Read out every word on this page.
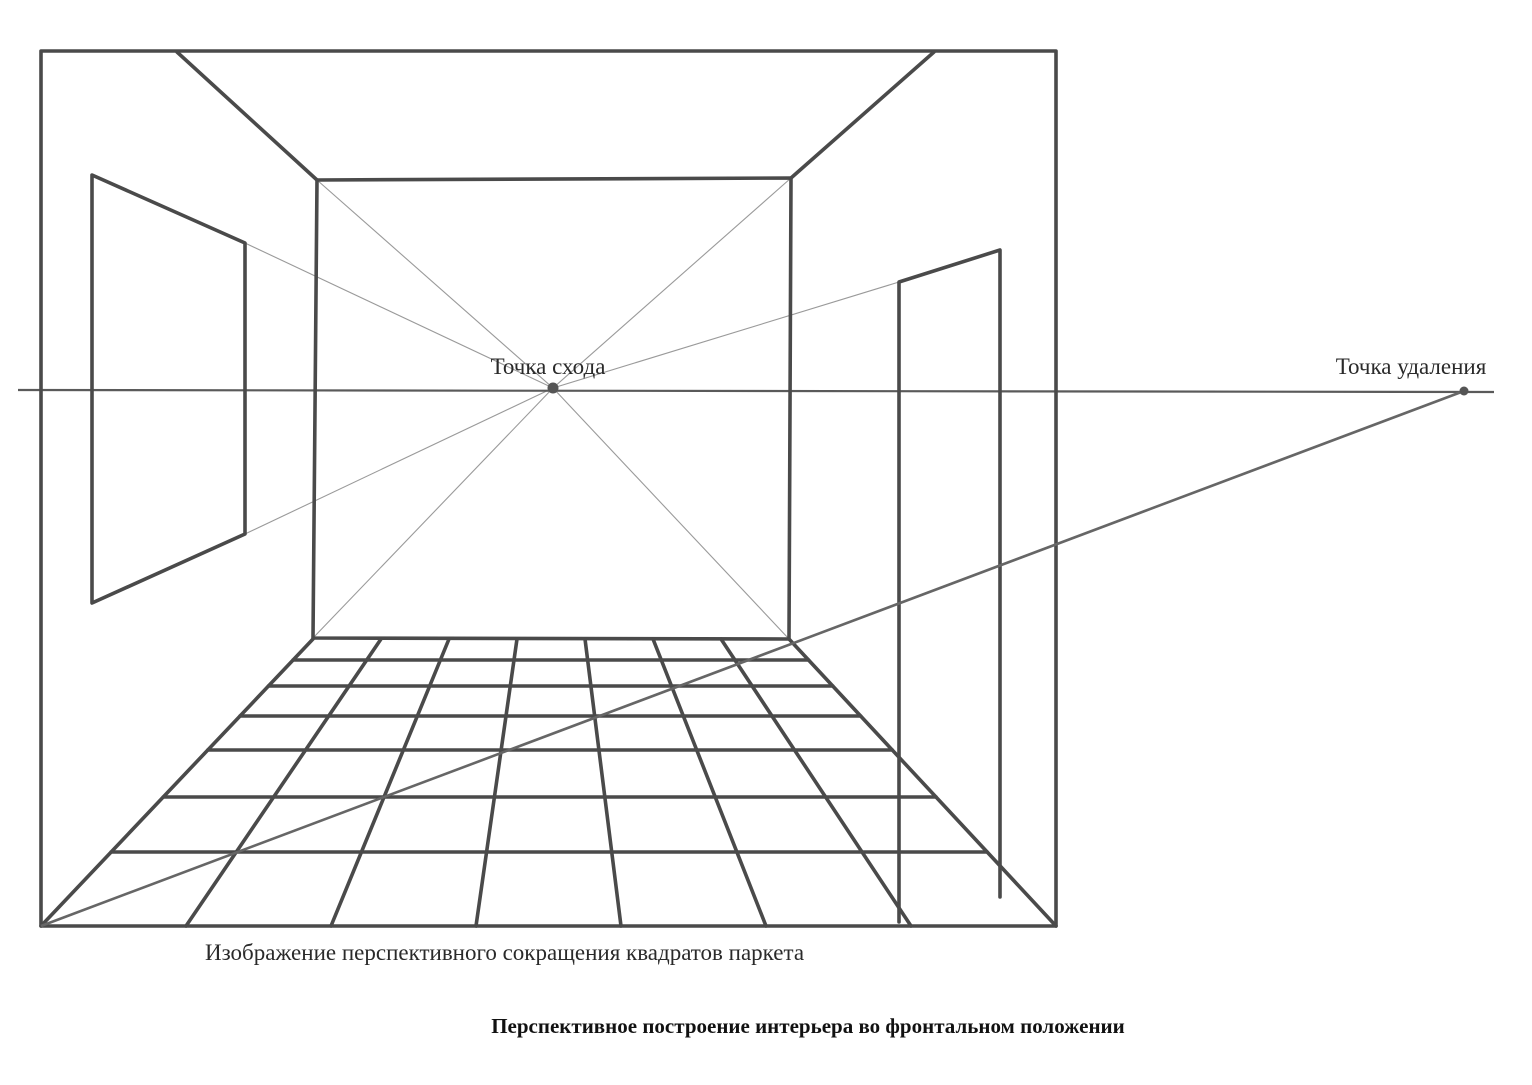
Точка схода	Точка удаления
Изображение перспективного сокращения квадратов паркета
Перспективное построение интерьера во фронтальном положении
